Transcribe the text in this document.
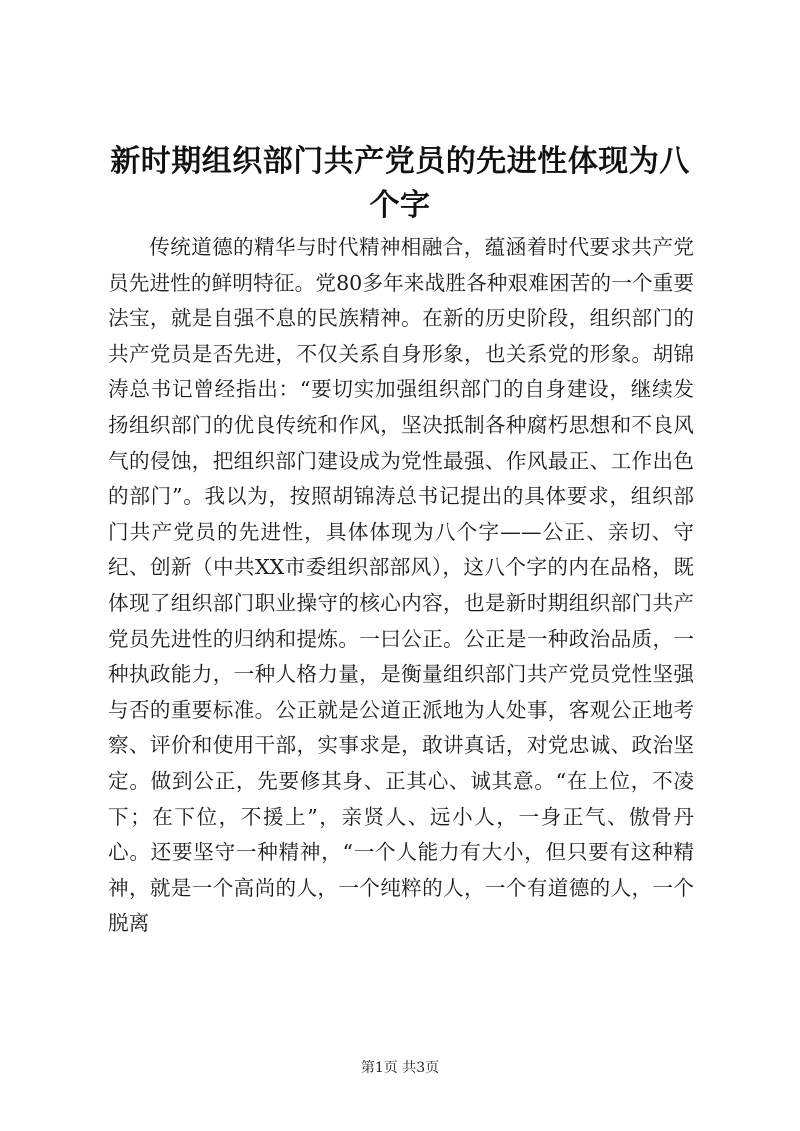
新时期组织部门共产党员的先进性体现为八个字

传统道德的精华与时代精神相融合，蕴涵着时代要求共产党员先进性的鲜明特征。党80多年来战胜各种艰难困苦的一个重要法宝，就是自强不息的民族精神。在新的历史阶段，组织部门的共产党员是否先进，不仅关系自身形象，也关系党的形象。胡锦涛总书记曾经指出：“要切实加强组织部门的自身建设，继续发扬组织部门的优良传统和作风，坚决抵制各种腐朽思想和不良风气的侵蚀，把组织部门建设成为党性最强、作风最正、工作出色的部门”。我以为，按照胡锦涛总书记提出的具体要求，组织部门共产党员的先进性，具体体现为八个字——公正、亲切、守纪、创新（中共XX市委组织部部风），这八个字的内在品格，既体现了组织部门职业操守的核心内容，也是新时期组织部门共产党员先进性的归纳和提炼。一曰公正。公正是一种政治品质，一种执政能力，一种人格力量，是衡量组织部门共产党员党性坚强与否的重要标准。公正就是公道正派地为人处事，客观公正地考察、评价和使用干部，实事求是，敢讲真话，对党忠诚、政治坚定。做到公正，先要修其身、正其心、诚其意。“在上位，不凌下；在下位，不援上”，亲贤人、远小人，一身正气、傲骨丹心。还要坚守一种精神，“一个人能力有大小，但只要有这种精神，就是一个高尚的人，一个纯粹的人，一个有道德的人，一个脱离

第1页 共3页
